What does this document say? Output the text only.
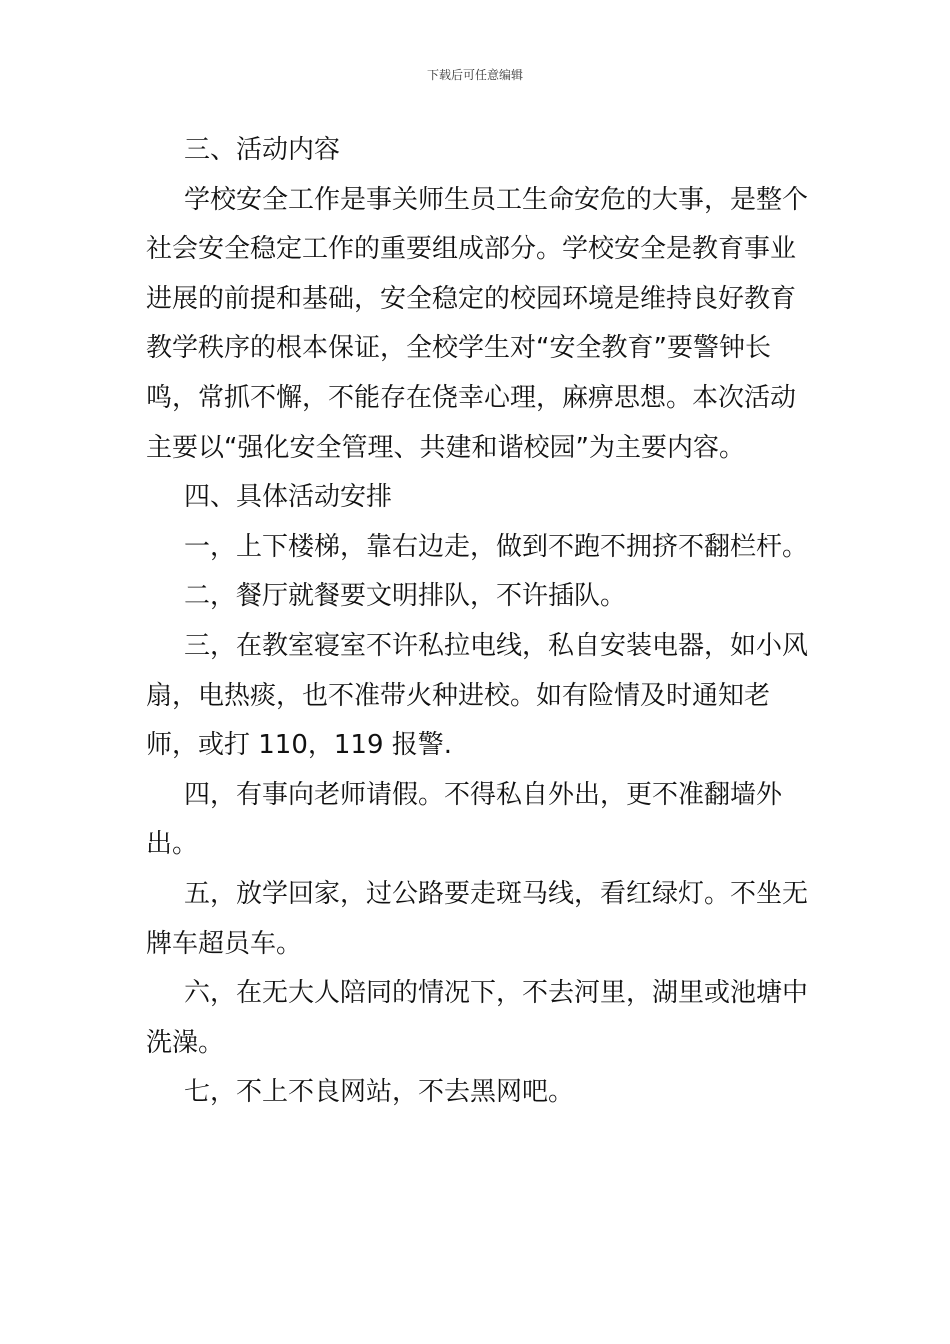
下载后可任意编辑

三、活动内容

学校安全工作是事关师生员工生命安危的大事，是整个社会安全稳定工作的重要组成部分。学校安全是教育事业进展的前提和基础，安全稳定的校园环境是维持良好教育教学秩序的根本保证，全校学生对“安全教育”要警钟长鸣，常抓不懈，不能存在侥幸心理，麻痹思想。本次活动主要以“强化安全管理、共建和谐校园”为主要内容。

四、具体活动安排

一，上下楼梯，靠右边走，做到不跑不拥挤不翻栏杆。

二，餐厅就餐要文明排队，不许插队。

三，在教室寝室不许私拉电线，私自安装电器，如小风扇，电热痰，也不准带火种进校。如有险情及时通知老师，或打 110，119 报警.

四，有事向老师请假。不得私自外出，更不准翻墙外出。

五，放学回家，过公路要走斑马线，看红绿灯。不坐无牌车超员车。

六，在无大人陪同的情况下，不去河里，湖里或池塘中洗澡。

七，不上不良网站，不去黑网吧。
